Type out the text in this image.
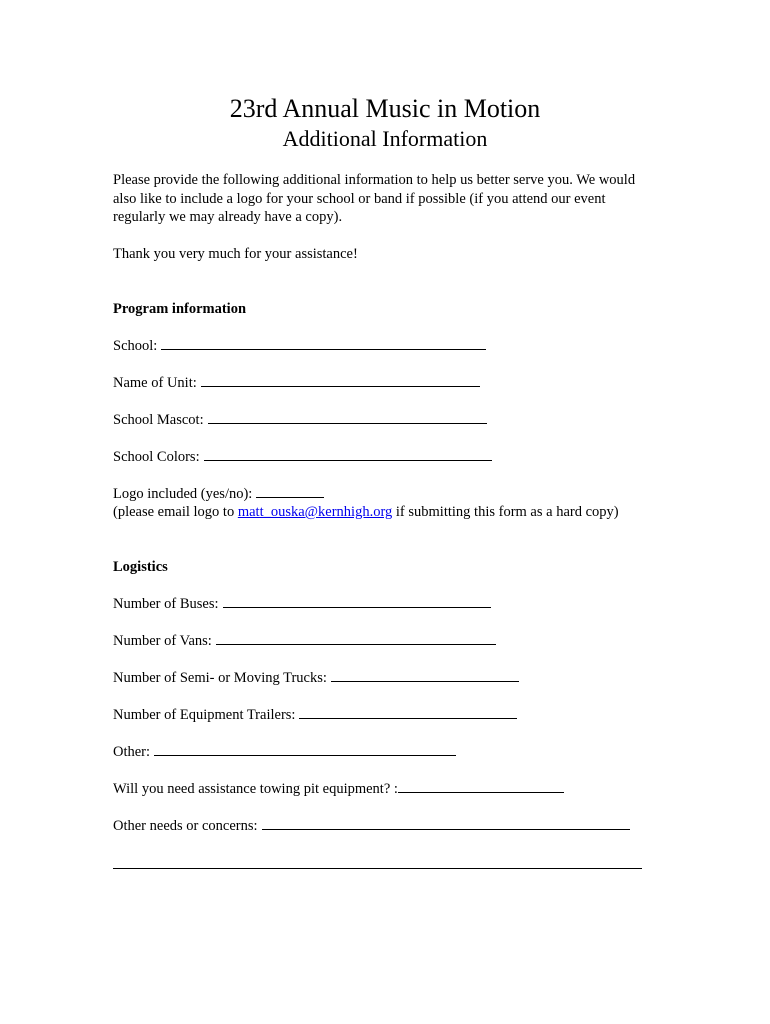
23rd Annual Music in Motion
Additional Information
Please provide the following additional information to help us better serve you. We would also like to include a logo for your school or band if possible (if you attend our event regularly we may already have a copy).
Thank you very much for your assistance!
Program information
School:
Name of Unit:
School Mascot:
School Colors:
Logo included (yes/no):
(please email logo to matt_ouska@kernhigh.org if submitting this form as a hard copy)
Logistics
Number of Buses:
Number of Vans:
Number of Semi- or Moving Trucks:
Number of Equipment Trailers:
Other:
Will you need assistance towing pit equipment? :
Other needs or concerns:
